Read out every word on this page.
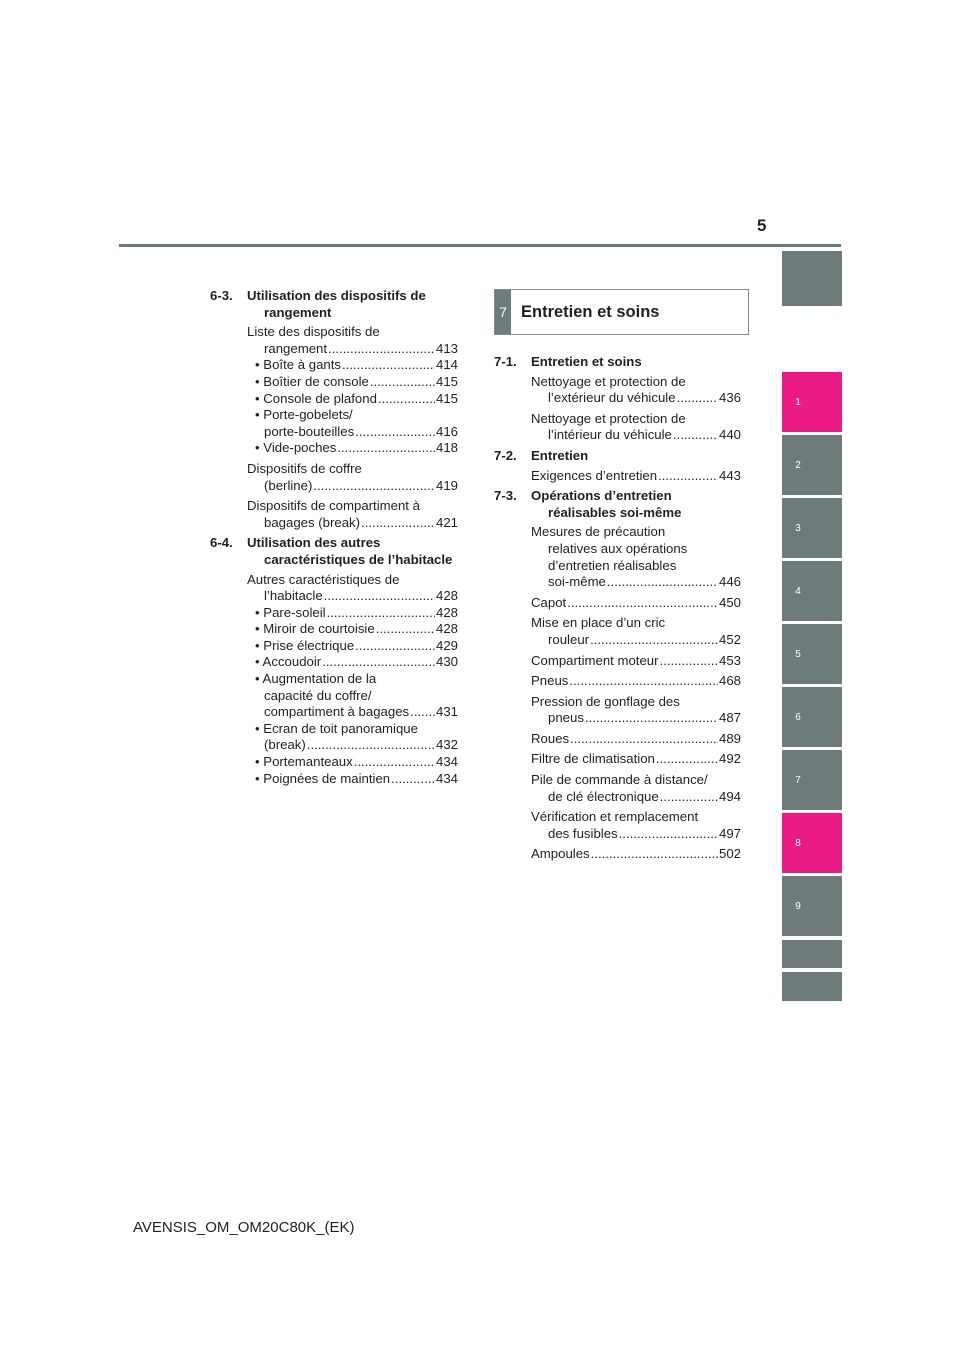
5
6-3.	Utilisation des dispositifs de rangement
Liste des dispositifs de
rangement .....	413
• Boîte à gants .....	414
• Boîtier de console .....	415
• Console de plafond .....	415
• Porte-gobelets/
porte-bouteilles .....	416
• Vide-poches .....	418
Dispositifs de coffre
(berline) .....	419
Dispositifs de compartiment à
bagages (break) .....	421
6-4.	Utilisation des autres caractéristiques de l’habitacle
Autres caractéristiques de
l’habitacle .....	428
• Pare-soleil .....	428
• Miroir de courtoisie .....	428
• Prise électrique .....	429
• Accoudoir .....	430
• Augmentation de la
capacité du coffre/
compartiment à bagages ..... 431
• Ecran de toit panoramique
(break) .....	432
• Portemanteaux .....	434
• Poignées de maintien .....	434
7 Entretien et soins
7-1.	Entretien et soins
Nettoyage et protection de
l’extérieur du véhicule .....	436
Nettoyage et protection de
l’intérieur du véhicule .....	440
7-2.	Entretien
Exigences d’entretien .....	443
7-3.	Opérations d’entretien réalisables soi-même
Mesures de précaution
relatives aux opérations
d’entretien réalisables
soi-même .....	446
Capot .....	450
Mise en place d’un cric
rouleur .....	452
Compartiment moteur .....	453
Pneus .....	468
Pression de gonflage des
pneus .....	487
Roues .....	489
Filtre de climatisation .....	492
Pile de commande à distance/
de clé électronique .....	494
Vérification et remplacement
des fusibles .....	497
Ampoules .....	502
1
2
3
4
5
6
7
8
9
AVENSIS_OM_OM20C80K_(EK)
